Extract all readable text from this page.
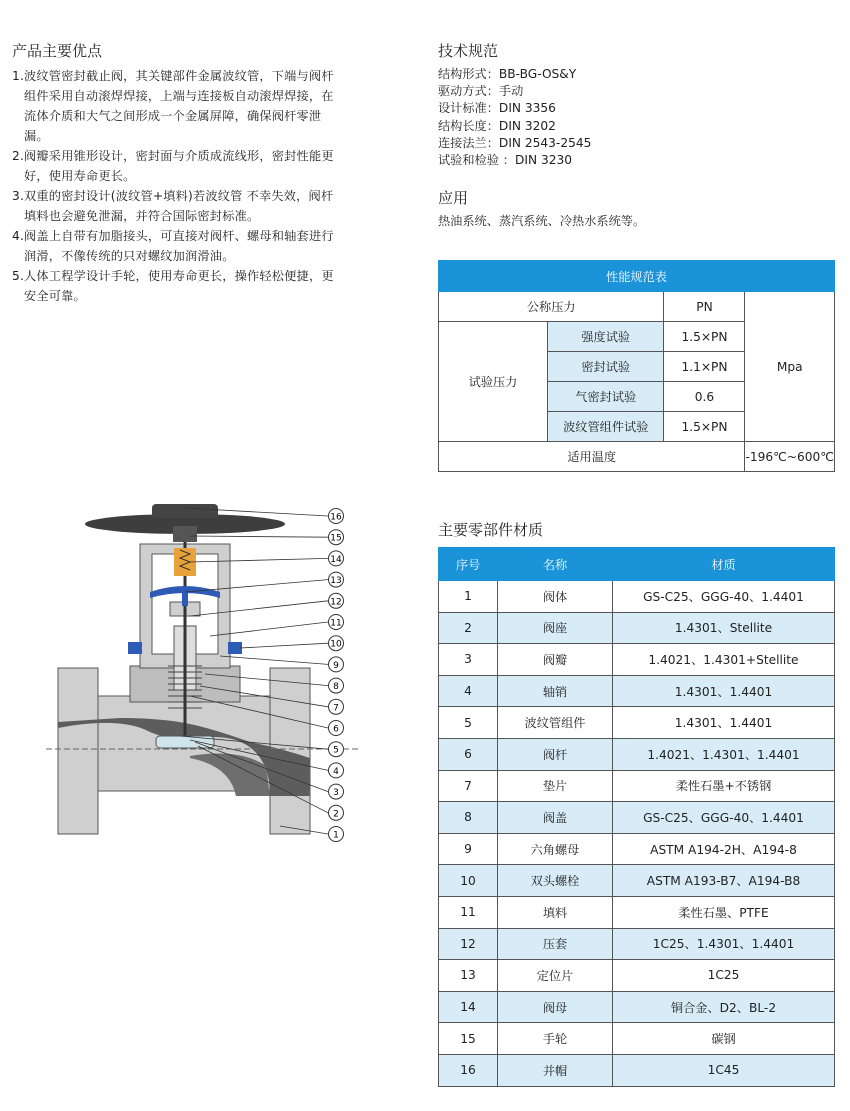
产品主要优点

1.波纹管密封截止阀，其关键部件金属波纹管，下端与阀杆组件采用自动滚焊焊接，上端与连接板自动滚焊焊接，在流体介质和大气之间形成一个金属屏障，确保阀杆零泄漏。

2.阀瓣采用锥形设计，密封面与介质成流线形，密封性能更好，使用寿命更长。

3.双重的密封设计(波纹管+填料)若波纹管 不幸失效，阀杆填料也会避免泄漏，并符合国际密封标准。

4.阀盖上自带有加脂接头，可直接对阀杆、螺母和轴套进行润滑，不像传统的只对螺纹加润滑油。

5.人体工程学设计手轮，使用寿命更长，操作轻松便捷，更安全可靠。

技术规范
结构形式：BB-BG-OS&Y
驱动方式：手动
设计标准：DIN 3356
结构长度：DIN 3202
连接法兰：DIN 2543-2545
试验和检验 ：DIN 3230
应用
热油系统、蒸汽系统、冷热水系统等。
性能规范表			
公称压力		PN	Mpa
试验压力	强度试验	1.5×PN	
	密封试验	1.1×PN	
	气密封试验	0.6	
	波纹管组件试验	1.5×PN	
适用温度			-196℃~600℃
主要零部件材质
序号	名称	材质
1	阀体	GS-C25、GGG-40、1.4401
2	阀座	1.4301、Stellite
3	阀瓣	1.4021、1.4301+Stellite
4	轴销	1.4301、1.4401
5	波纹管组件	1.4301、1.4401
6	阀杆	1.4021、1.4301、1.4401
7	垫片	柔性石墨+不锈钢
8	阀盖	GS-C25、GGG-40、1.4401
9	六角螺母	ASTM A194-2H、A194-8
10	双头螺栓	ASTM A193-B7、A194-B8
11	填料	柔性石墨、PTFE
12	压套	1C25、1.4301、1.4401
13	定位片	1C25
14	阀母	铜合金、D2、BL-2
15	手轮	碳钢
16	并帽	1C45
16
15
14
13
12
11
10
9
8
7
6
5
4
3
2
1
